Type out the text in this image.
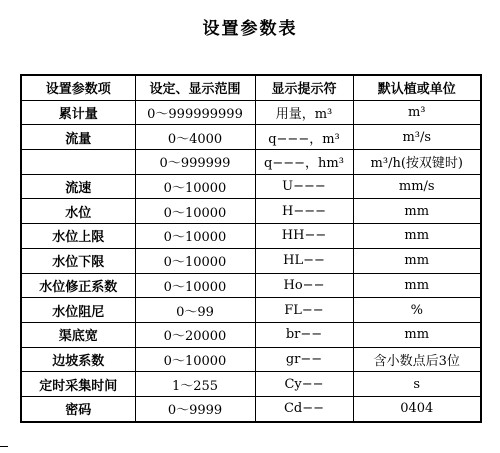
设置参数表
设置参数项	设定、显示范围	显示提示符	默认植或单位
累计量	0～999999999	用量，m³	m³
流量	0～4000	q−−−，m³	m³/s
	0～999999	q−−−，hm³	m³/h(按双键时)
流速	0～10000	U−−−	mm/s
水位	0～10000	H−−−	mm
水位上限	0～10000	HH−−	mm
水位下限	0～10000	HL−−	mm
水位修正系数	0～10000	Ho−−	mm
水位阻尼	0～99	FL−−	%
渠底宽	0～20000	br−−	mm
边坡系数	0～10000	gr−−	含小数点后3位
定时采集时间	1～255	Cy−−	s
密码	0～9999	Cd−−	0404
